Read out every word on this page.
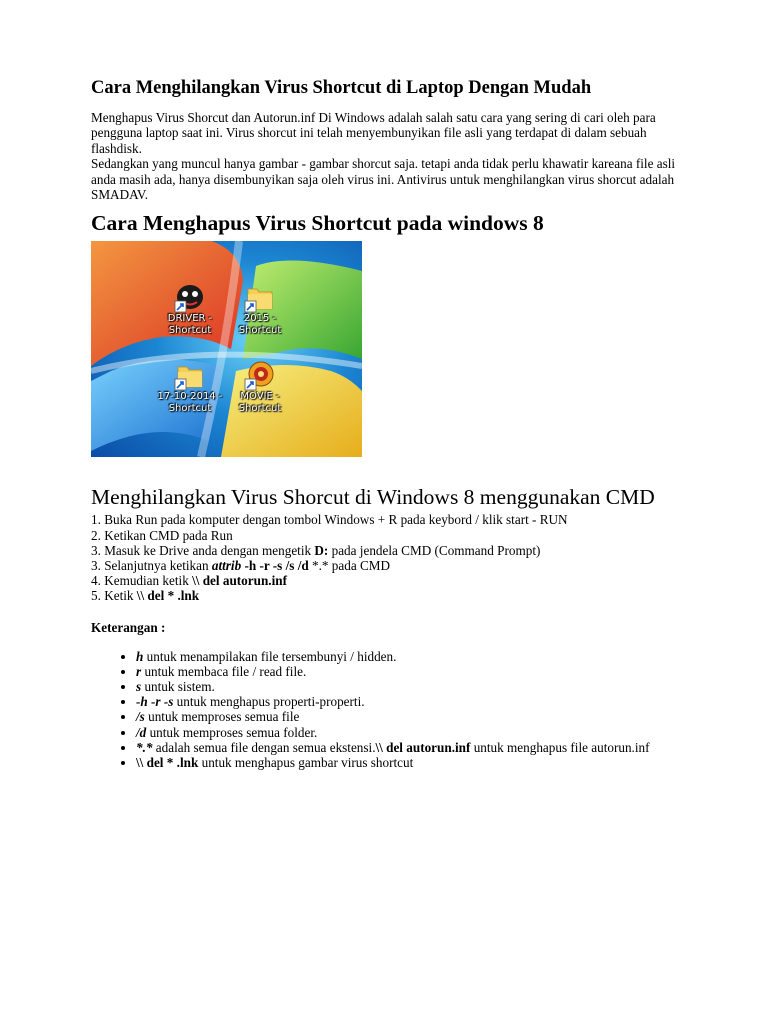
Cara Menghilangkan Virus Shortcut di Laptop Dengan Mudah

Menghapus Virus Shorcut dan Autorun.inf Di Windows adalah salah satu cara yang sering di cari oleh para pengguna laptop saat ini. Virus shorcut ini telah menyembunyikan file asli yang terdapat di dalam sebuah flashdisk.

Sedangkan yang muncul hanya gambar - gambar shorcut saja. tetapi anda tidak perlu khawatir kareana file asli anda masih ada, hanya disembunyikan saja oleh virus ini. Antivirus untuk menghilangkan virus shorcut adalah SMADAV.

Cara Menghapus Virus Shortcut pada windows 8
DRIVER -
Shortcut
2015 -
Shortcut
17-10-2014 -
Shortcut
MOVIE -
Shortcut
Menghilangkan Virus Shorcut di Windows 8 menggunakan CMD
1. Buka Run pada komputer dengan tombol Windows + R pada keybord / klik start - RUN
2. Ketikan CMD pada Run
3. Masuk ke Drive anda dengan mengetik D: pada jendela CMD (Command Prompt)
3. Selanjutnya ketikan attrib -h -r -s /s /d *.* pada CMD
4. Kemudian ketik \\ del autorun.inf
5. Ketik \\ del * .lnk

Keterangan :

• h untuk menampilakan file tersembunyi / hidden.
• r untuk membaca file / read file.
• s untuk sistem.
• -h -r -s untuk menghapus properti-properti.
• /s untuk memproses semua file
• /d untuk memproses semua folder.
• *.* adalah semua file dengan semua ekstensi.\\ del autorun.inf untuk menghapus file autorun.inf
• \\ del * .lnk untuk menghapus gambar virus shortcut
